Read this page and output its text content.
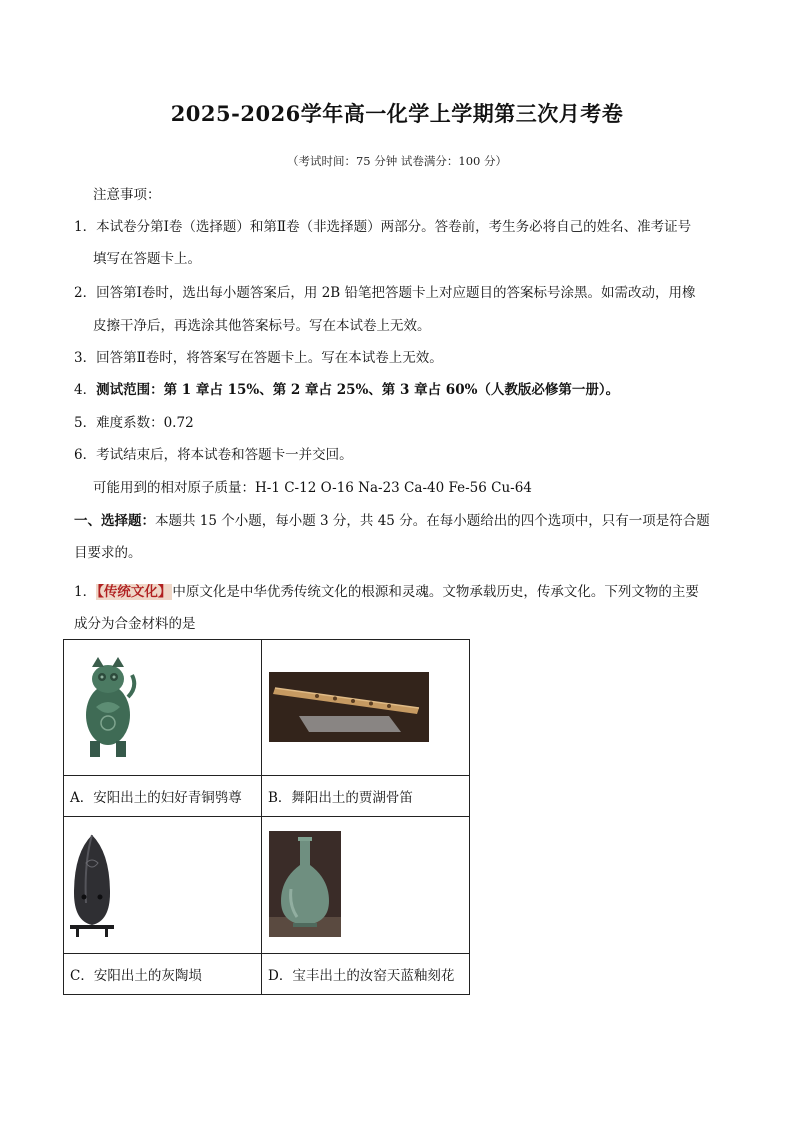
2025-2026学年高一化学上学期第三次月考卷
（考试时间：75 分钟 试卷满分：100 分）
注意事项：
1．本试卷分第Ⅰ卷（选择题）和第Ⅱ卷（非选择题）两部分。答卷前，考生务必将自己的姓名、准考证号
填写在答题卡上。
2．回答第Ⅰ卷时，选出每小题答案后，用 2B 铅笔把答题卡上对应题目的答案标号涂黑。如需改动，用橡
皮擦干净后，再选涂其他答案标号。写在本试卷上无效。
3．回答第Ⅱ卷时，将答案写在答题卡上。写在本试卷上无效。
4．测试范围：第 1 章占 15%、第 2 章占 25%、第 3 章占 60%（人教版必修第一册）。
5．难度系数：0.72
6．考试结束后，将本试卷和答题卡一并交回。
可能用到的相对原子质量：H-1 C-12 O-16 Na-23 Ca-40 Fe-56 Cu-64
一、选择题：本题共 15 个小题，每小题 3 分，共 45 分。在每小题给出的四个选项中，只有一项是符合题
目要求的。
1．【传统文化】中原文化是中华优秀传统文化的根源和灵魂。文物承载历史，传承文化。下列文物的主要
成分为合金材料的是

A．安阳出土的妇好青铜鸮尊	B．舞阳出土的贾湖骨笛

C．安阳出土的灰陶埙	D．宝丰出土的汝窑天蓝釉刻花
